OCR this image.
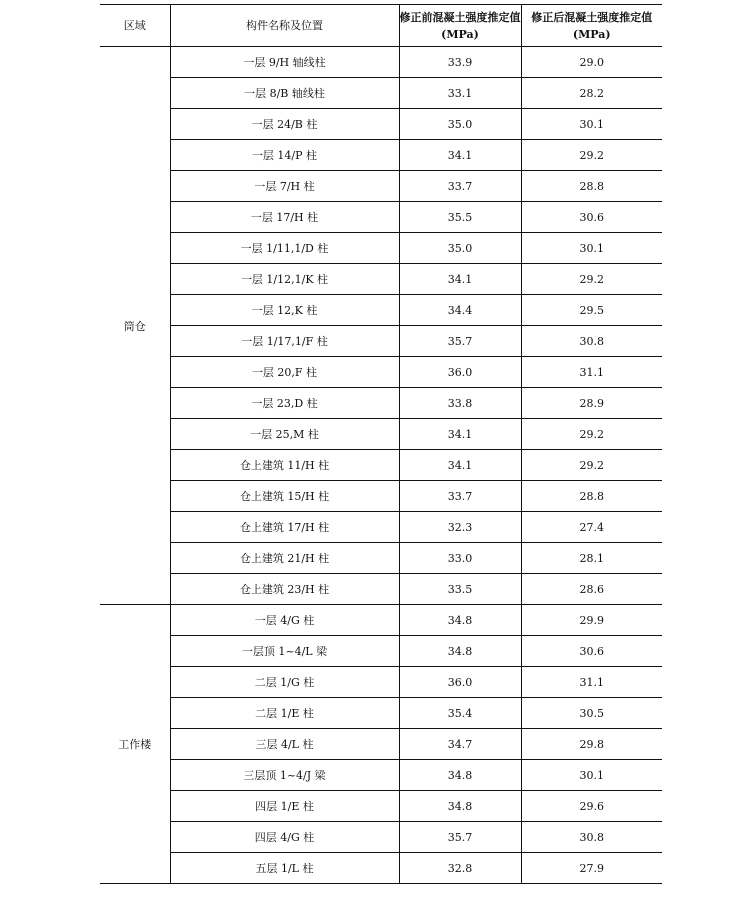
区域	构件名称及位置	修正前混凝土强度推定值(MPa)	修正后混凝土强度推定值(MPa)
筒仓	一层 9/H 轴线柱	33.9	29.0
	一层 8/B 轴线柱	33.1	28.2
	一层 24/B 柱	35.0	30.1
	一层 14/P 柱	34.1	29.2
	一层 7/H 柱	33.7	28.8
	一层 17/H 柱	35.5	30.6
	一层 1/11,1/D 柱	35.0	30.1
	一层 1/12,1/K 柱	34.1	29.2
	一层 12,K 柱	34.4	29.5
	一层 1/17,1/F 柱	35.7	30.8
	一层 20,F 柱	36.0	31.1
	一层 23,D 柱	33.8	28.9
	一层 25,M 柱	34.1	29.2
	仓上建筑 11/H 柱	34.1	29.2
	仓上建筑 15/H 柱	33.7	28.8
	仓上建筑 17/H 柱	32.3	27.4
	仓上建筑 21/H 柱	33.0	28.1
	仓上建筑 23/H 柱	33.5	28.6
工作楼	一层 4/G 柱	34.8	29.9
	一层顶 1~4/L 梁	34.8	30.6
	二层 1/G 柱	36.0	31.1
	二层 1/E 柱	35.4	30.5
	三层 4/L 柱	34.7	29.8
	三层顶 1~4/J 梁	34.8	30.1
	四层 1/E 柱	34.8	29.6
	四层 4/G 柱	35.7	30.8
	五层 1/L 柱	32.8	27.9
